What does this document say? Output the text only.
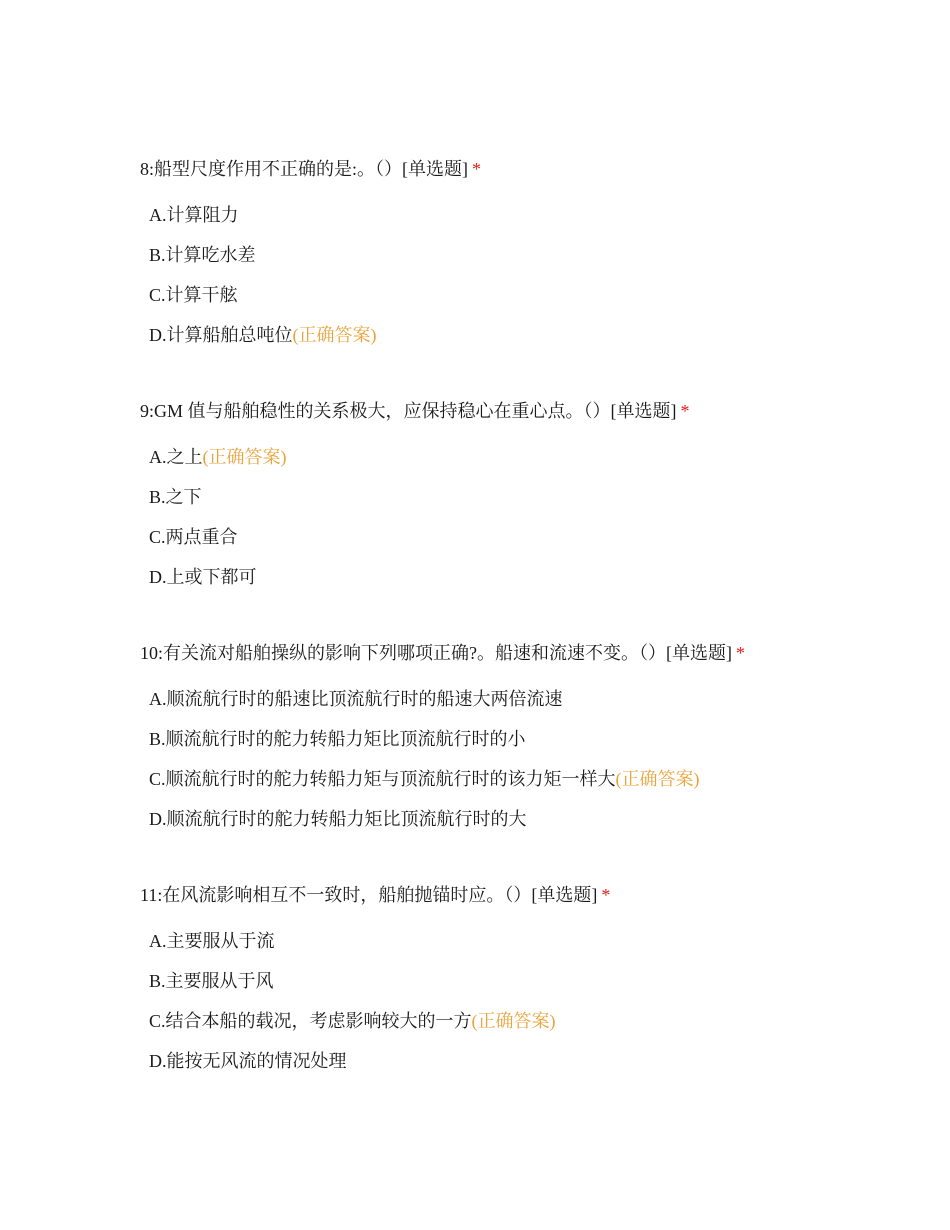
8:船型尺度作用不正确的是:。（）[单选题] *
A.计算阻力
B.计算吃水差
C.计算干舷
D.计算船舶总吨位(正确答案)
9:GM 值与船舶稳性的关系极大，应保持稳心在重心点。（）[单选题] *
A.之上(正确答案)
B.之下
C.两点重合
D.上或下都可
10:有关流对船舶操纵的影响下列哪项正确?。船速和流速不变。（）[单选题] *
A.顺流航行时的船速比顶流航行时的船速大两倍流速
B.顺流航行时的舵力转船力矩比顶流航行时的小
C.顺流航行时的舵力转船力矩与顶流航行时的该力矩一样大(正确答案)
D.顺流航行时的舵力转船力矩比顶流航行时的大
11:在风流影响相互不一致时，船舶抛锚时应。（）[单选题] *
A.主要服从于流
B.主要服从于风
C.结合本船的载况，考虑影响较大的一方(正确答案)
D.能按无风流的情况处理
